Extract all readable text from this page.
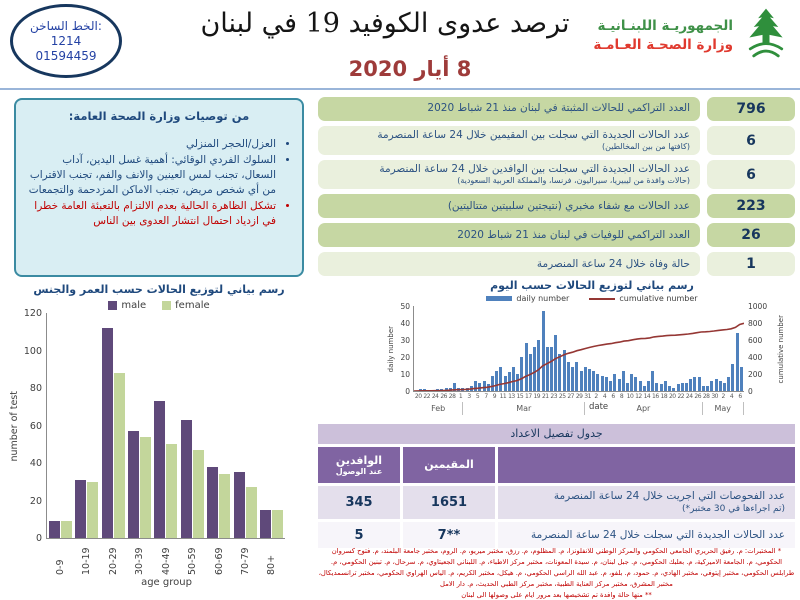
الخط الساخن:
1214
01594459
ترصد عدوى الكوفيد 19 في لبنان
8 أيار 2020
الجمهوريـة اللبنـانيـة
وزارة الصحـة العـامـة
من توصيات وزارة الصحة العامة:
• العزل/الحجر المنزلي
• السلوك الفردي الوقائي: أهمية غسل اليدين، آداب السعال، تجنب لمس العينين والانف والفم، تجنب الاقتراب من أي شخص مريض، تجنب الاماكن المزدحمة والتجمعات
• تشكل الظاهرة الحالية بعدم الالتزام بالتعبئة العامة خطرا في ازدياد احتمال انتشار العدوى بين الناس
796
العدد التراكمي للحالات المثبتة في لبنان منذ 21 شباط 2020
6
عدد الحالات الجديدة التي سجلت بين المقيمين خلال 24 ساعة المنصرمة
(كافتها من بين المخالطين)
6
عدد الحالات الجديدة التي سجلت بين الوافدين خلال 24 ساعة المنصرمة
(حالات وافدة من ليبيريا، سيراليون، فرنسا، والمملكة العربية السعودية)
223
عدد الحالات مع شفاء مخبري (نتيجتين سلبيتين متتاليتين)
26
العدد التراكمي للوفيات في لبنان منذ 21 شباط 2020
1
حالة وفاة خلال 24 ساعة المنصرمة
رسم بياني لتوزيع الحالات حسب العمر والجنس
male	female
number of test
0
20
40
60
80
100
120
0-9 10-19 20-29 30-39 40-49 50-59 60-69 70-79 80+
age group
رسم بياني لتوزيع الحالات حسب اليوم
daily number	cumulative number
daily number
0
10
20
30
40
50
0
200
400
600
800
1000
cumulative number
20 22 24 26 28 1 3 5 7 9 11 13 15 17 19 21 23 25 27 29 31 2 4 6 8 10 12 14 16 18 20 22 24 26 28 30 2 4 6
date
Feb	Mar	Apr	May
جدول تفصيل الاعداد
المقيمين
الوافدين
عند الوصول
عدد الفحوصات التي اجريت خلال 24 ساعة المنصرمة
(تم اجراءها في 30 مختبر*)
1651
345
عدد الحالات الجديدة التي سجلت خلال 24 ساعة المنصرمة
**7
5
* المختبرات: م. رفيق الحريري الجامعي الحكومي والمركز الوطني للانفلونزا، م. المظلوم، م. رزق، مختبر ميريو، م. الروم، مختبر جامعة البلمند، م. فتوح كسروان الحكومي، م. الجامعة الاميركية، م. بعلبك الحكومي، م. جبل لبنان، م. سيدة المعونات، مختبر مركز الاطباء، م. اللبناني الجعيتاوي، م. سرحال، م. تبنين الحكومي، م. طرابلس الحكومي، مختبر إيتوفي، مختبر الهادي، م. حمود، م. بلفو، م. عبد الله الراسي الحكومي، م. هيكل، مختبر الكريم، م. الياس الهراوي الحكومي، مختبر ترانسمديكال، مختبر المشرق، مختبر مركز العناية الطبية، مختبر مركز الطبي الحديث، م. دار الامل
** منها حالة وافدة تم تشخيصها بعد مرور ايام على وصولها الى لبنان
